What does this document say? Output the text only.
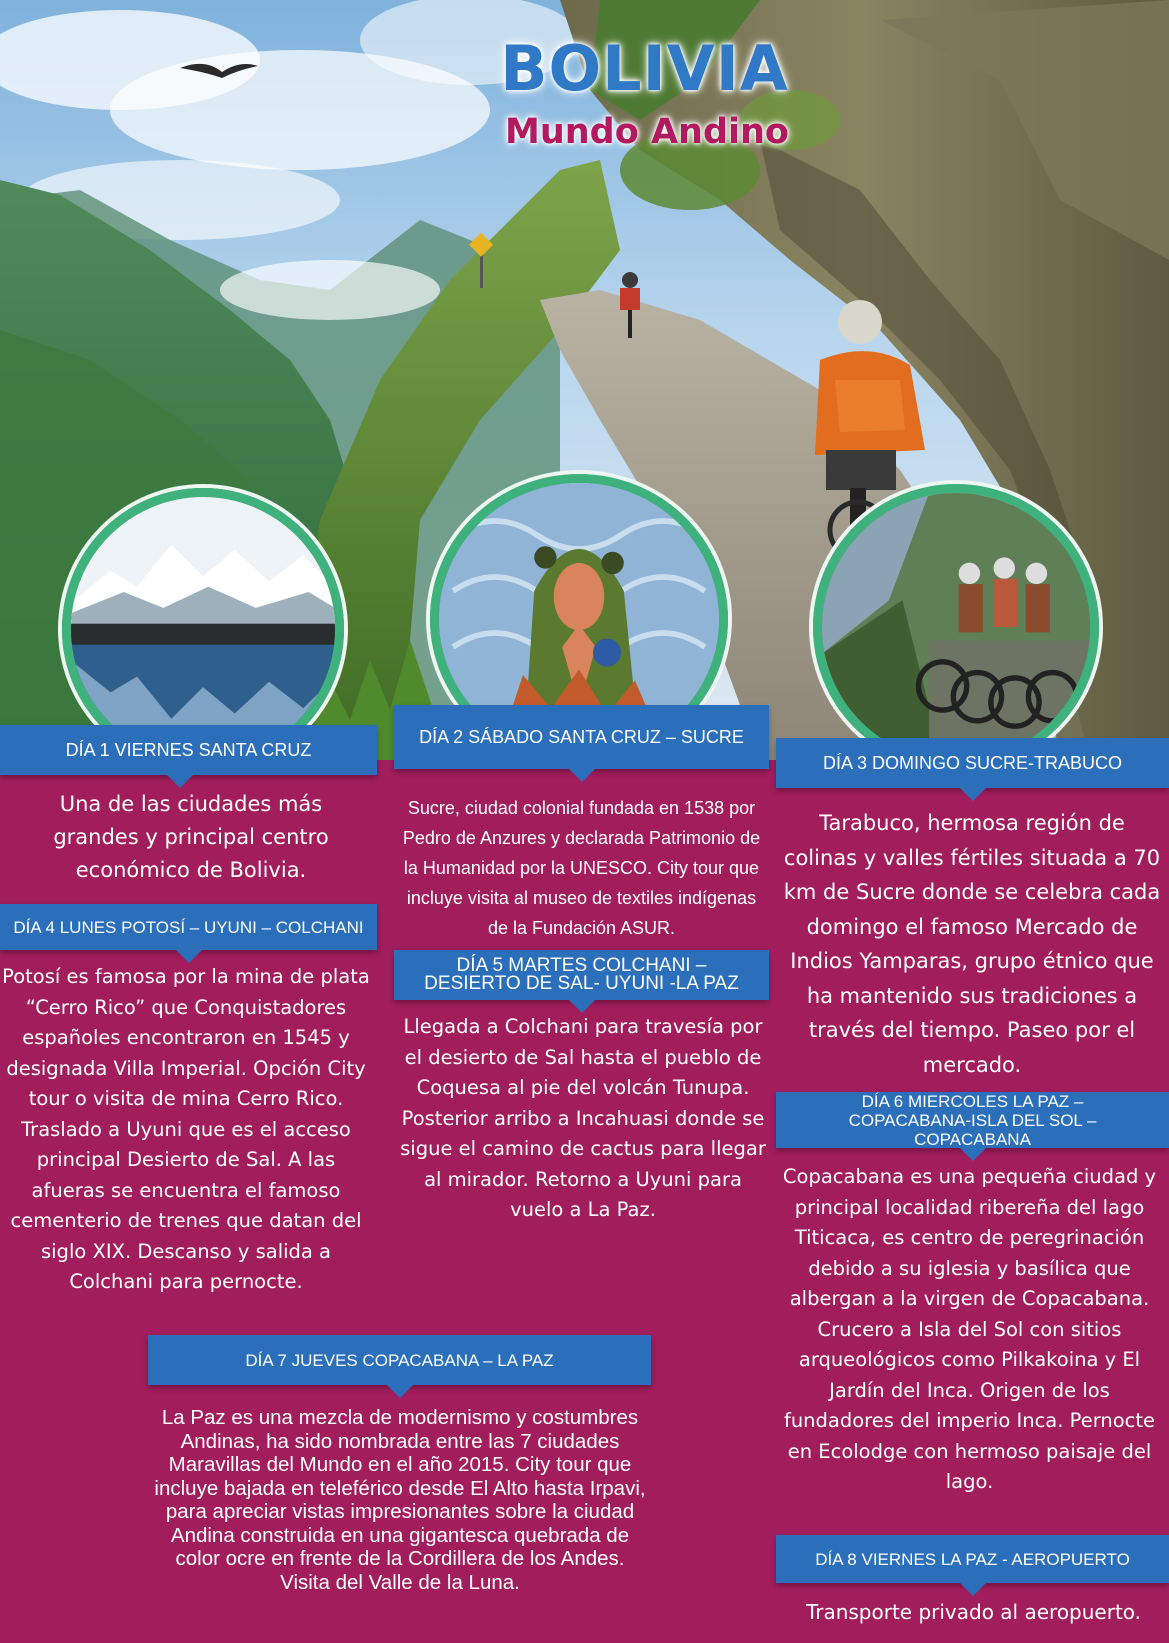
BOLIVIA
Mundo Andino
DÍA 1 VIERNES SANTA CRUZ

Una de las ciudades más grandes y principal centro económico de Bolivia.

DÍA 2 SÁBADO SANTA CRUZ – SUCRE

Sucre, ciudad colonial fundada en 1538 por Pedro de Anzures y declarada Patrimonio de la Humanidad por la UNESCO. City tour que incluye visita al museo de textiles indígenas de la Fundación ASUR.

DÍA 3 DOMINGO SUCRE-TRABUCO

Tarabuco, hermosa región de colinas y valles fértiles situada a 70 km de Sucre donde se celebra cada domingo el famoso Mercado de Indios Yamparas, grupo étnico que ha mantenido sus tradiciones a través del tiempo. Paseo por el mercado.

DÍA 4 LUNES POTOSÍ – UYUNI – COLCHANI

Potosí es famosa por la mina de plata “Cerro Rico” que Conquistadores españoles encontraron en 1545 y designada Villa Imperial. Opción City tour o visita de mina Cerro Rico. Traslado a Uyuni que es el acceso principal Desierto de Sal. A las afueras se encuentra el famoso cementerio de trenes que datan del siglo XIX. Descanso y salida a Colchani para pernocte.

DÍA 5 MARTES COLCHANI – DESIERTO DE SAL- UYUNI -LA PAZ

Llegada a Colchani para travesía por el desierto de Sal hasta el pueblo de Coquesa al pie del volcán Tunupa. Posterior arribo a Incahuasi donde se sigue el camino de cactus para llegar al mirador. Retorno a Uyuni para vuelo a La Paz.

DÍA 6 MIERCOLES LA PAZ – COPACABANA-ISLA DEL SOL – COPACABANA

Copacabana es una pequeña ciudad y principal localidad ribereña del lago Titicaca, es centro de peregrinación debido a su iglesia y basílica que albergan a la virgen de Copacabana. Crucero a Isla del Sol con sitios arqueológicos como Pilkakoina y El Jardín del Inca. Origen de los fundadores del imperio Inca. Pernocte en Ecolodge con hermoso paisaje del lago.

DÍA 7 JUEVES COPACABANA – LA PAZ

La Paz es una mezcla de modernismo y costumbres Andinas, ha sido nombrada entre las 7 ciudades Maravillas del Mundo en el año 2015. City tour que incluye bajada en teleférico desde El Alto hasta Irpavi, para apreciar vistas impresionantes sobre la ciudad Andina construida en una gigantesca quebrada de color ocre en frente de la Cordillera de los Andes. Visita del Valle de la Luna.

DÍA 8 VIERNES LA PAZ - AEROPUERTO

Transporte privado al aeropuerto.
